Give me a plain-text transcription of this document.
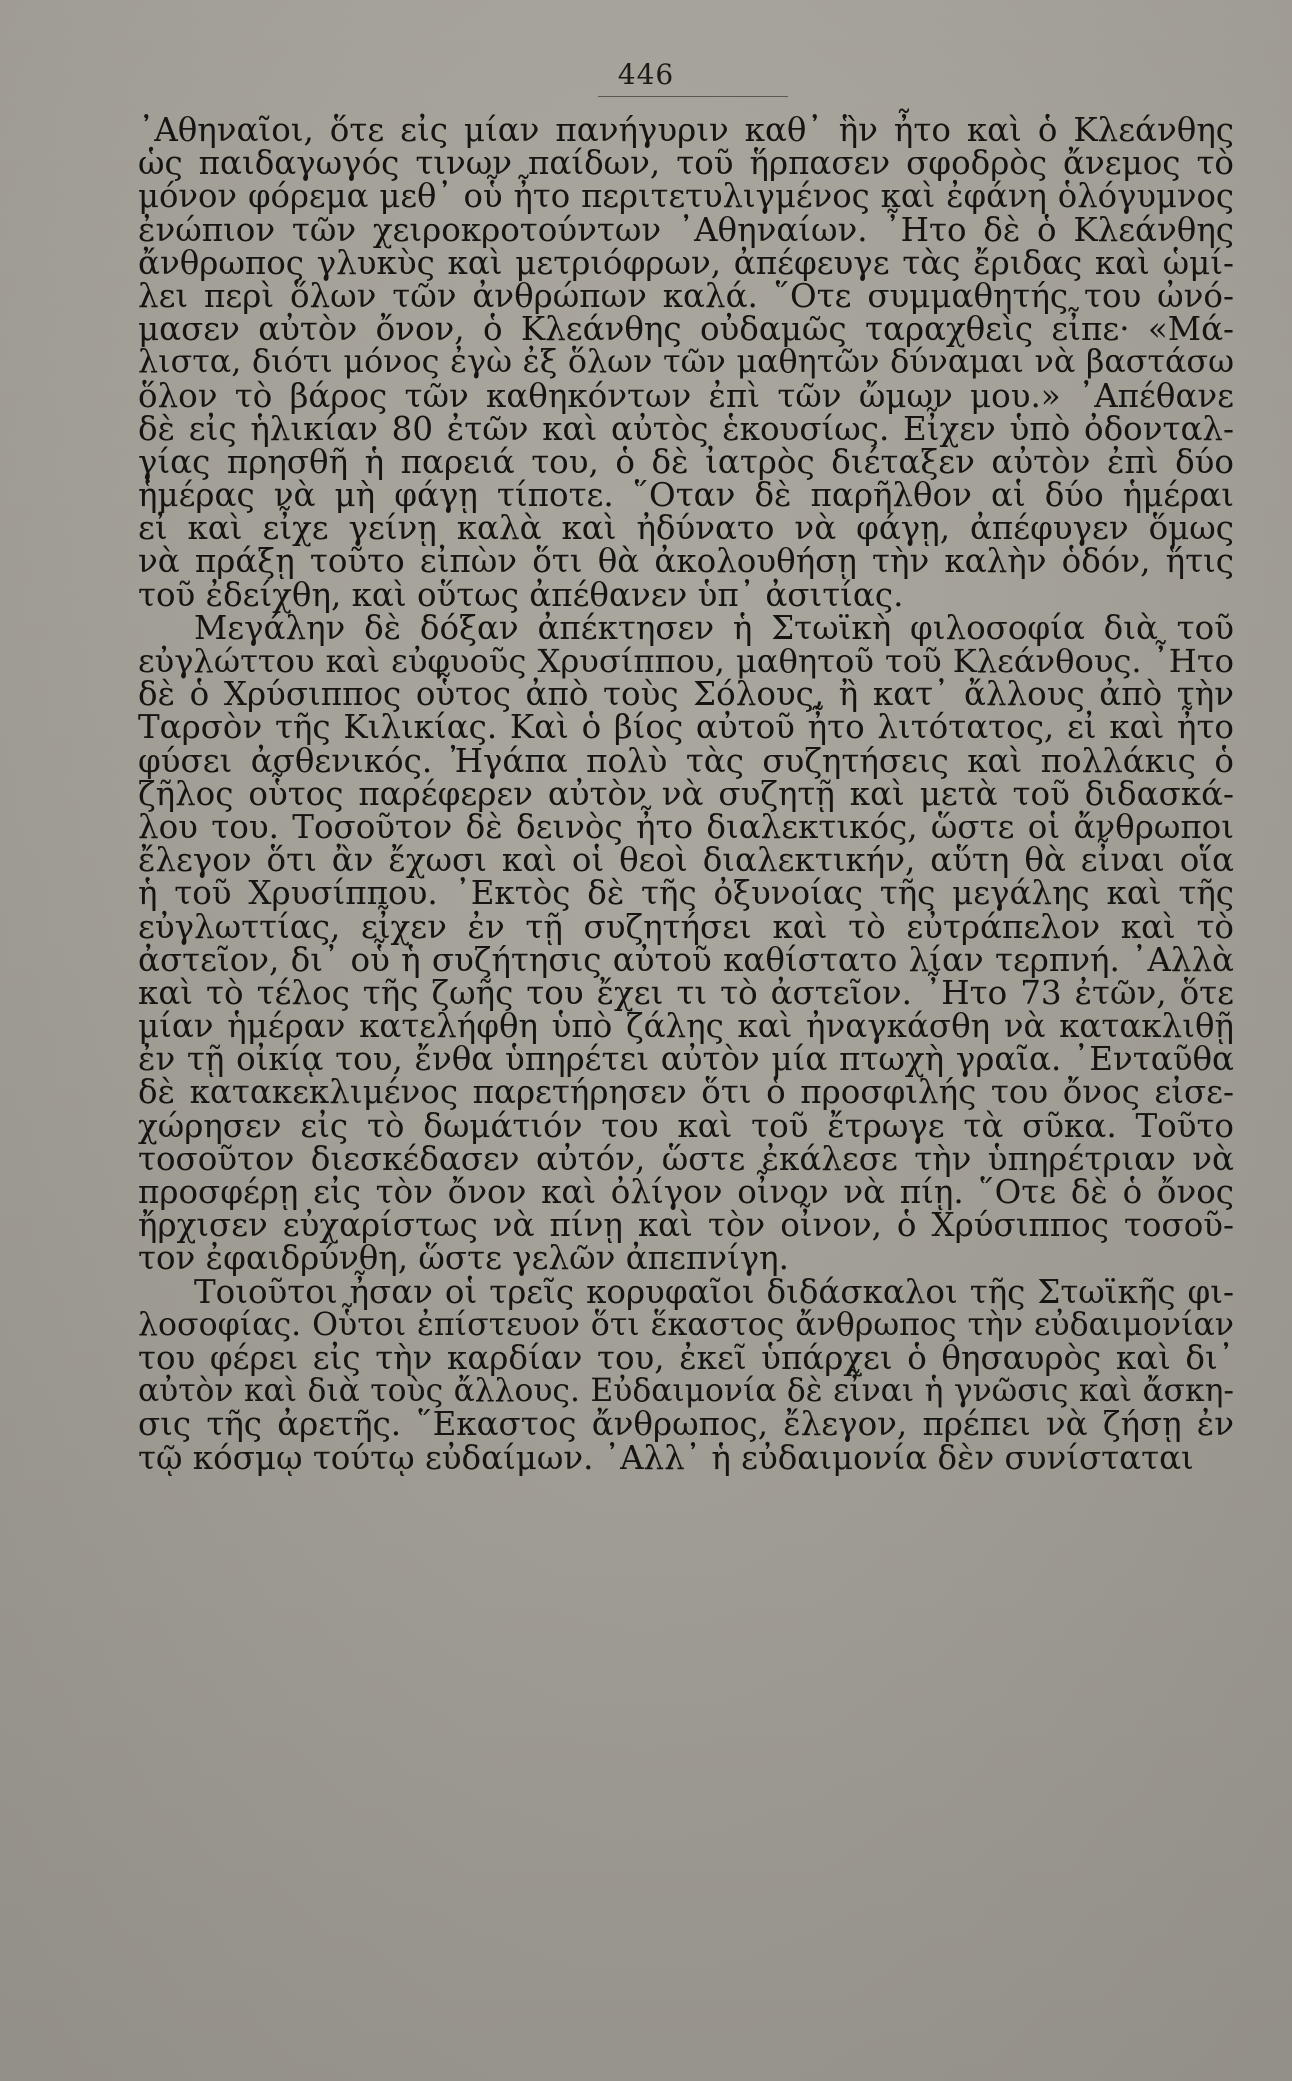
446
᾿Αθηναῖοι, ὅτε εἰς μίαν πανήγυριν καθ᾿ ἣν ἦτο καὶ ὁ Κλεάνθης
ὡς παιδαγωγός τινων παίδων, τοῦ ἥρπασεν σφοδρὸς ἄνεμος τὸ
μόνον φόρεμα μεθ᾿ οὗ ἦτο περιτετυλιγμένος καὶ ἐφάνη ὁλόγυμνος
ἐνώπιον τῶν χειροκροτούντων ᾿Αθηναίων. ῏Ητο δὲ ὁ Κλεάνθης
ἄνθρωπος γλυκὺς καὶ μετριόφρων, ἀπέφευγε τὰς ἔριδας καὶ ὡμί-
λει περὶ ὅλων τῶν ἀνθρώπων καλά. ῞Οτε συμμαθητής του ὠνό-
μασεν αὐτὸν ὄνον, ὁ Κλεάνθης οὐδαμῶς ταραχθεὶς εἶπε· «Μά-
λιστα, διότι μόνος ἐγὼ ἐξ ὅλων τῶν μαθητῶν δύναμαι νὰ βαστάσω
ὅλον τὸ βάρος τῶν καθηκόντων ἐπὶ τῶν ὤμων μου.» ᾿Απέθανε
δὲ εἰς ἡλικίαν 80 ἐτῶν καὶ αὐτὸς ἑκουσίως. Εἶχεν ὑπὸ ὀδονταλ-
γίας πρησθῆ ἡ παρειά του, ὁ δὲ ἰατρὸς διέταξεν αὐτὸν ἐπὶ δύο
ἡμέρας νὰ μὴ φάγῃ τίποτε. ῞Οταν δὲ παρῆλθον αἱ δύο ἡμέραι
εἰ καὶ εἶχε γείνῃ καλὰ καὶ ἠδύνατο νὰ φάγῃ, ἀπέφυγεν ὅμως
νὰ πράξῃ τοῦτο εἰπὼν ὅτι θὰ ἀκολουθήσῃ τὴν καλὴν ὁδόν, ἥτις
τοῦ ἐδείχθη, καὶ οὕτως ἀπέθανεν ὑπ᾿ ἀσιτίας.
Μεγάλην δὲ δόξαν ἀπέκτησεν ἡ Στωϊκὴ φιλοσοφία διὰ τοῦ
εὐγλώττου καὶ εὐφυοῦς Χρυσίππου, μαθητοῦ τοῦ Κλεάνθους. ῏Ητο
δὲ ὁ Χρύσιππος οὗτος ἀπὸ τοὺς Σόλους, ἢ κατ᾿ ἄλλους ἀπὸ τὴν
Ταρσὸν τῆς Κιλικίας. Καὶ ὁ βίος αὐτοῦ ἦτο λιτότατος, εἰ καὶ ἦτο
φύσει ἀσθενικός. Ἠγάπα πολὺ τὰς συζητήσεις καὶ πολλάκις ὁ
ζῆλος οὗτος παρέφερεν αὐτὸν νὰ συζητῇ καὶ μετὰ τοῦ διδασκά-
λου του. Τοσοῦτον δὲ δεινὸς ἦτο διαλεκτικός, ὥστε οἱ ἄνθρωποι
ἔλεγον ὅτι ἂν ἔχωσι καὶ οἱ θεοὶ διαλεκτικήν, αὕτη θὰ εἶναι οἵα
ἡ τοῦ Χρυσίππου. ᾿Εκτὸς δὲ τῆς ὀξυνοίας τῆς μεγάλης καὶ τῆς
εὐγλωττίας, εἶχεν ἐν τῇ συζητήσει καὶ τὸ εὐτράπελον καὶ τὸ
ἀστεῖον, δι᾿ οὗ ἡ συζήτησις αὐτοῦ καθίστατο λίαν τερπνή. ᾿Αλλὰ
καὶ τὸ τέλος τῆς ζωῆς του ἔχει τι τὸ ἀστεῖον. ῏Ητο 73 ἐτῶν, ὅτε
μίαν ἡμέραν κατελήφθη ὑπὸ ζάλης καὶ ἠναγκάσθη νὰ κατακλιθῇ
ἐν τῇ οἰκίᾳ του, ἔνθα ὑπηρέτει αὐτὸν μία πτωχὴ γραῖα. ᾿Ενταῦθα
δὲ κατακεκλιμένος παρετήρησεν ὅτι ὁ προσφιλής του ὄνος εἰσε-
χώρησεν εἰς τὸ δωμάτιόν του καὶ τοῦ ἔτρωγε τὰ σῦκα. Τοῦτο
τοσοῦτον διεσκέδασεν αὐτόν, ὥστε ἐκάλεσε τὴν ὑπηρέτριαν νὰ
προσφέρῃ εἰς τὸν ὄνον καὶ ὀλίγον οἶνον νὰ πίῃ. ῞Οτε δὲ ὁ ὄνος
ἤρχισεν εὐχαρίστως νὰ πίνῃ καὶ τὸν οἶνον, ὁ Χρύσιππος τοσοῦ-
τον ἐφαιδρύνθη, ὥστε γελῶν ἀπεπνίγη.
Τοιοῦτοι ἦσαν οἱ τρεῖς κορυφαῖοι διδάσκαλοι τῆς Στωϊκῆς φι-
λοσοφίας. Οὗτοι ἐπίστευον ὅτι ἕκαστος ἄνθρωπος τὴν εὐδαιμονίαν
του φέρει εἰς τὴν καρδίαν του, ἐκεῖ ὑπάρχει ὁ θησαυρὸς καὶ δι᾿
αὐτὸν καὶ διὰ τοὺς ἄλλους. Εὐδαιμονία δὲ εἶναι ἡ γνῶσις καὶ ἄσκη-
σις τῆς ἀρετῆς. ῞Εκαστος ἄνθρωπος, ἔλεγον, πρέπει νὰ ζήσῃ ἐν
τῷ κόσμῳ τούτῳ εὐδαίμων. ᾿Αλλ᾿ ἡ εὐδαιμονία δὲν συνίσταται
